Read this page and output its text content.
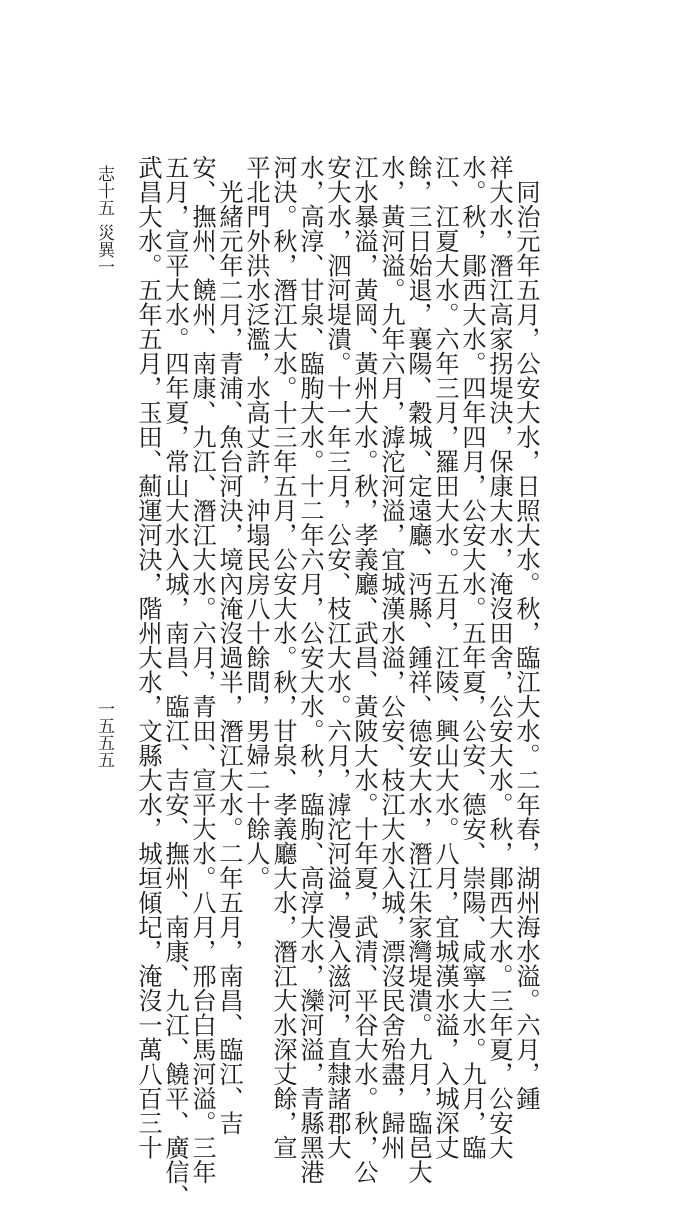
志十五
災異一
一五五五	　同治元年五月，公安大水，日照大水。秋，臨江大水。二年春，湖州海水溢。六月，鍾
祥大水，潛江高家拐堤決，保康大水，淹沒田舍，公安大水。秋，鄖西大水。三年夏，公安大
水。秋，鄖西大水。四年四月，公安大水。五年夏，公安、德安、崇陽、咸寧大水。九月，臨
江、江夏大水。六年三月，羅田大水。五月，江陵、興山大水。八月，宜城漢水溢，入城深丈
餘，三日始退，襄陽、穀城、定遠廳、沔縣、鍾祥、德安大水，潛江朱家灣堤潰。九月，臨邑大
水，黃河溢。九年六月，滹沱河溢，宜城漢水溢，公安、枝江大水入城，漂沒民舍殆盡，歸州
江水暴溢，黃岡、黃州大水。秋，孝義廳、武昌、黃陂大水。十年夏，武清、平谷大水。秋，公
安大水，泗河堤潰。十一年三月，公安、枝江大水。六月，滹沱河溢，漫入滋河，直隸諸郡大
水，高淳、甘泉、臨朐大水。十二年六月，公安大水。秋，臨朐、高淳大水，灤河溢，青縣黑港
河決。秋，潛江大水。十三年五月，公安大水。秋，甘泉、孝義廳大水，潛江大水深丈餘，宣
平北門外洪水泛濫，水高丈許，沖塌民房八十餘間，男婦二十餘人。
　光緒元年二月，青浦、魚台河決，境內淹沒過半，潛江大水。二年五月，南昌、臨江、吉
安、撫州、饒州、南康、九江、潛江大水。六月，青田、宣平大水。八月，邢台白馬河溢。三年
五月，宣平大水。四年夏，常山大水入城，南昌、臨江、吉安、撫州、南康、九江、饒平、廣信、
武昌大水。五年五月，玉田、薊運河決，階州大水，文縣大水，城垣傾圮，淹沒一萬八百三十
